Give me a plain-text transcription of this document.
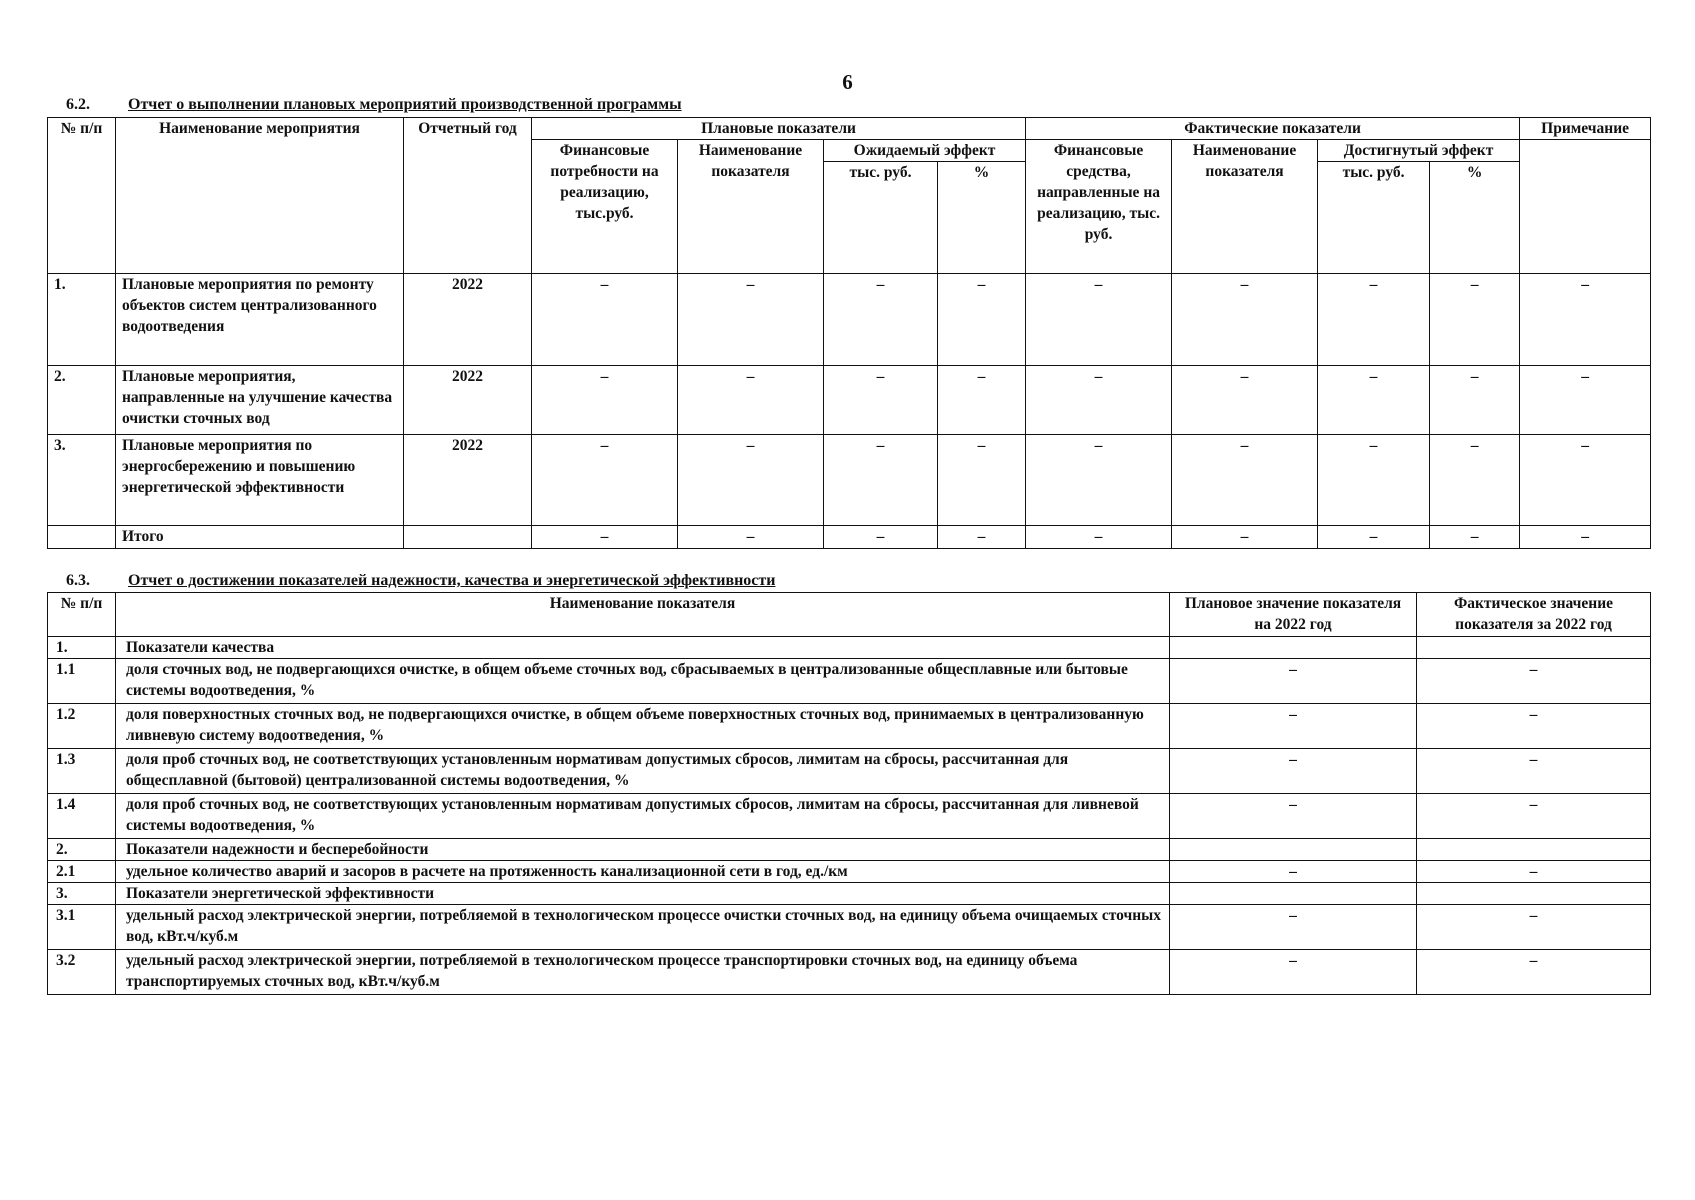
6
6.2. Отчет о выполнении плановых мероприятий производственной программы
№ п/п	Наименование мероприятия	Отчетный год	Плановые показатели				Фактические показатели				Примечание
			Финансовые потребности на реализацию, тыс.руб.	Наименование показателя	Ожидаемый эффект		Финансовые средства, направленные на реализацию, тыс. руб.	Наименование показателя	Достигнутый эффект		
					тыс. руб.	%			тыс. руб.	%	
1.	Плановые мероприятия по ремонту объектов систем централизованного водоотведения	2022	–	–	–	–	–	–	–	–	–
2.	Плановые мероприятия, направленные на улучшение качества очистки сточных вод	2022	–	–	–	–	–	–	–	–	–
3.	Плановые мероприятия по энергосбережению и повышению энергетической эффективности	2022	–	–	–	–	–	–	–	–	–
	Итого		–	–	–	–	–	–	–	–	–
6.3. Отчет о достижении показателей надежности, качества и энергетической эффективности
№ п/п	Наименование показателя	Плановое значение показателя на 2022 год	Фактическое значение показателя за 2022 год
1.	Показатели качества		
1.1	доля сточных вод, не подвергающихся очистке, в общем объеме сточных вод, сбрасываемых в централизованные общесплавные или бытовые системы водоотведения, %	–	–
1.2	доля поверхностных сточных вод, не подвергающихся очистке, в общем объеме поверхностных сточных вод, принимаемых в централизованную ливневую систему водоотведения, %	–	–
1.3	доля проб сточных вод, не соответствующих установленным нормативам допустимых сбросов, лимитам на сбросы, рассчитанная для общесплавной (бытовой) централизованной системы водоотведения, %	–	–
1.4	доля проб сточных вод, не соответствующих установленным нормативам допустимых сбросов, лимитам на сбросы, рассчитанная для ливневой системы водоотведения, %	–	–
2.	Показатели надежности и бесперебойности		
2.1	удельное количество аварий и засоров в расчете на протяженность канализационной сети в год, ед./км	–	–
3.	Показатели энергетической эффективности		
3.1	удельный расход электрической энергии, потребляемой в технологическом процессе очистки сточных вод, на единицу объема очищаемых сточных вод, кВт.ч/куб.м	–	–
3.2	удельный расход электрической энергии, потребляемой в технологическом процессе транспортировки сточных вод, на единицу объема транспортируемых сточных вод, кВт.ч/куб.м	–	–
